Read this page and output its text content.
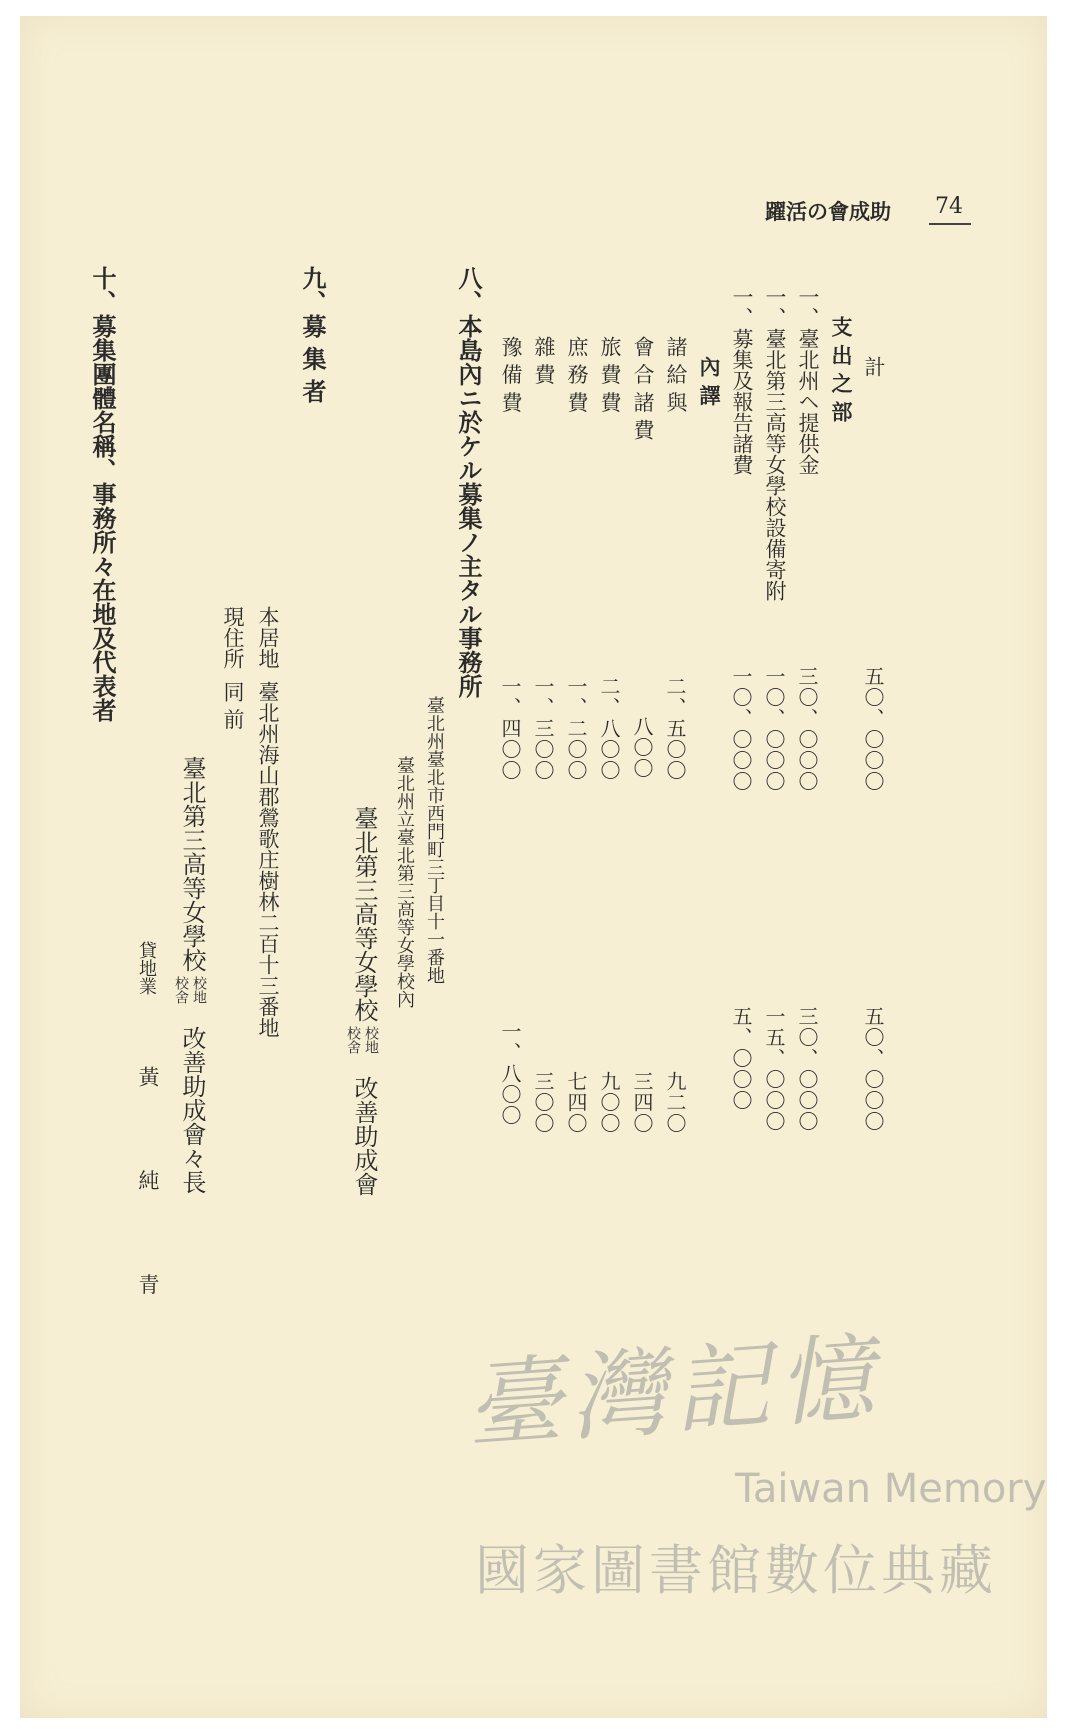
躍活の會成助 74
計
五〇、〇〇〇
五〇、〇〇〇
支 出 之 部
一、臺北州ヘ提供金
三〇、〇〇〇
三〇、〇〇〇
一、臺北第三高等女學校設備寄附
一〇、〇〇〇
一五、〇〇〇
一、募集及報告諸費
一〇、〇〇〇
五、〇〇〇
內 譯
諸 給 與
二、五〇〇
九二〇
會 合 諸 費
八〇〇
三四〇
旅 費 費
二、八〇〇
九〇〇
庶 務 費
一、二〇〇
七四〇
雜 費
一、三〇〇
三〇〇
豫 備 費
一、四〇〇
一、八〇〇
八、本島內ニ於ケル募集ノ主タル事務所
臺北州臺北市西門町三丁目十一番地
臺北州立臺北第三高等女學校內
臺北第三高等女學校
校地
校舍
改善助成會
九、募 集 者
本居地
臺北州海山郡鶯歌庄樹林二百十三番地
現住所
同 前
臺北第三高等女學校
校地
校舍
改善助成會々長
貸地業
黃 純 青
十、募集團體名稱、事務所々在地及代表者
臺灣記憶
Taiwan Memory
國家圖書館數位典藏
